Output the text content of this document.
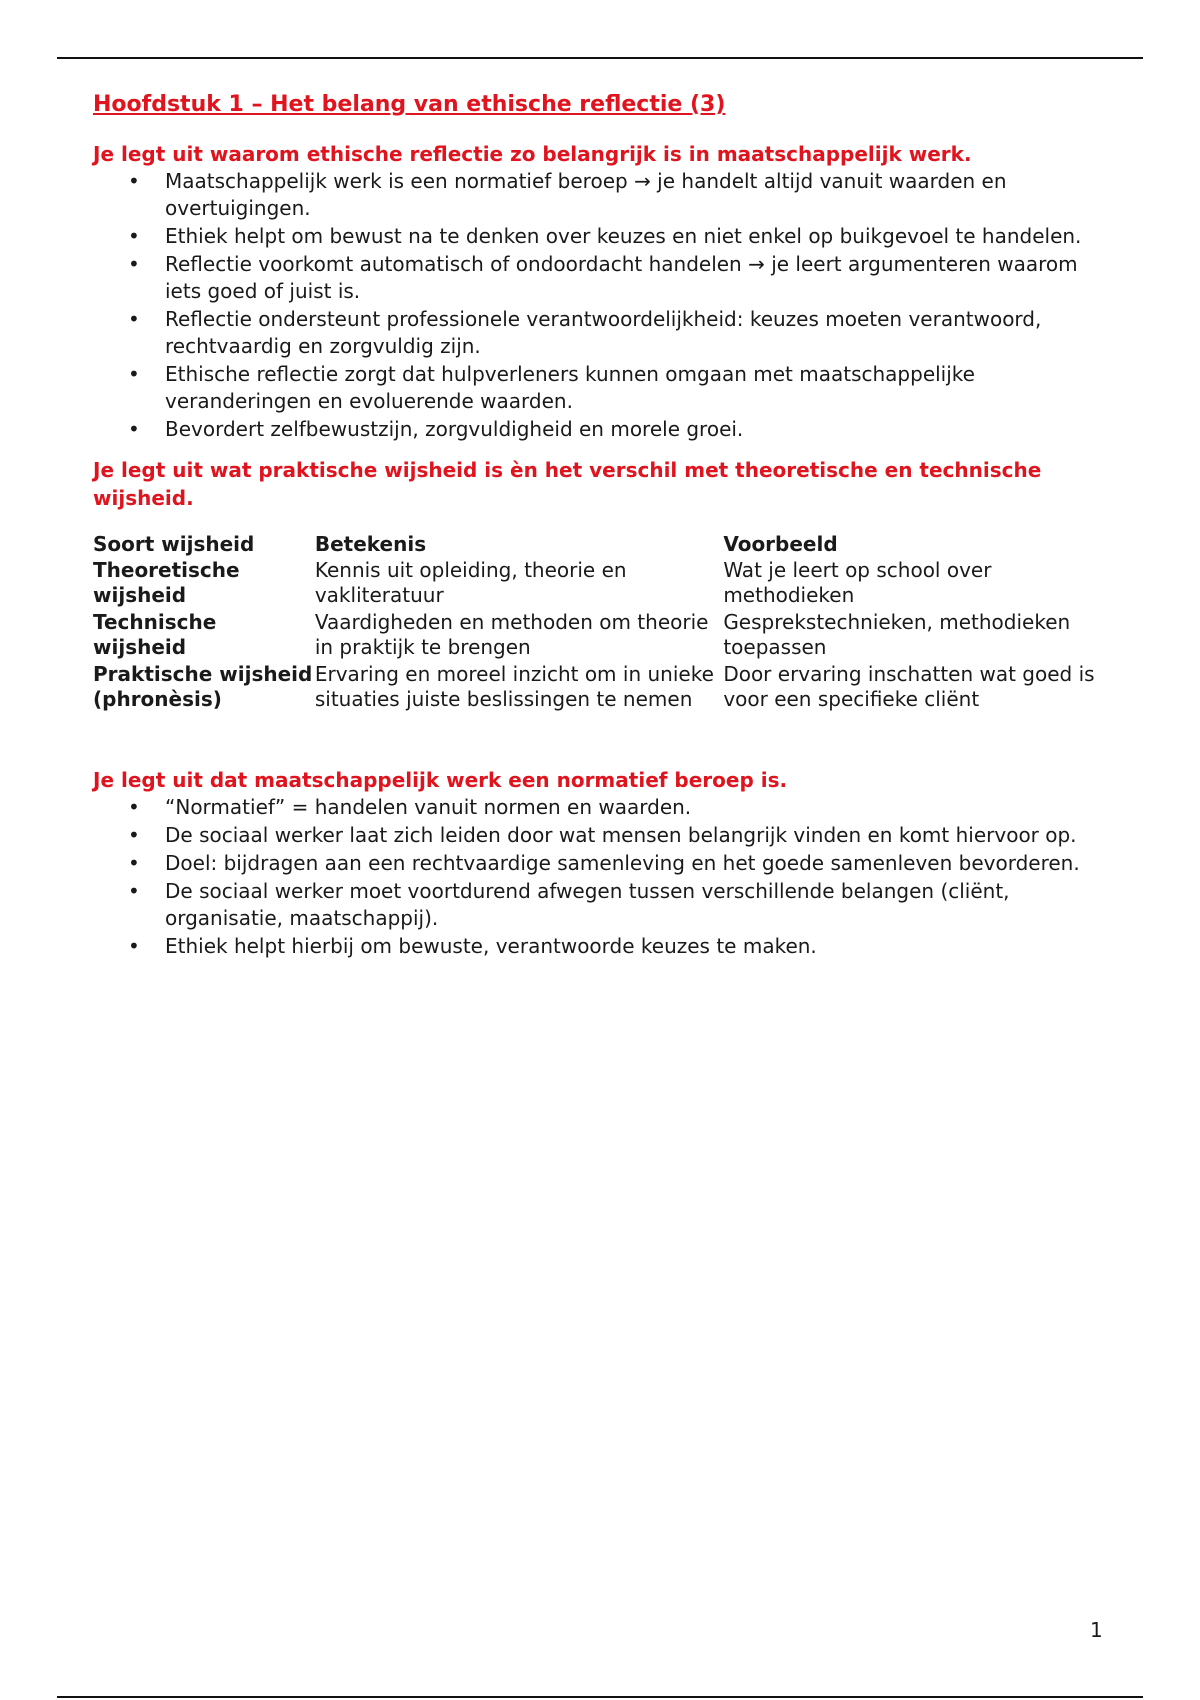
Hoofdstuk 1 – Het belang van ethische reflectie (3)
Je legt uit waarom ethische reflectie zo belangrijk is in maatschappelijk werk.
• Maatschappelijk werk is een normatief beroep → je handelt altijd vanuit waarden en overtuigingen.
• Ethiek helpt om bewust na te denken over keuzes en niet enkel op buikgevoel te handelen.
• Reflectie voorkomt automatisch of ondoordacht handelen → je leert argumenteren waarom iets goed of juist is.
• Reflectie ondersteunt professionele verantwoordelijkheid: keuzes moeten verantwoord, rechtvaardig en zorgvuldig zijn.
• Ethische reflectie zorgt dat hulpverleners kunnen omgaan met maatschappelijke veranderingen en evoluerende waarden.
• Bevordert zelfbewustzijn, zorgvuldigheid en morele groei.
Je legt uit wat praktische wijsheid is èn het verschil met theoretische en technische wijsheid.
Soort wijsheid	Betekenis	Voorbeeld
Theoretische wijsheid	Kennis uit opleiding, theorie en vakliteratuur	Wat je leert op school over methodieken
Technische wijsheid	Vaardigheden en methoden om theorie in praktijk te brengen	Gesprekstechnieken, methodieken toepassen
Praktische wijsheid (phronèsis)	Ervaring en moreel inzicht om in unieke situaties juiste beslissingen te nemen	Door ervaring inschatten wat goed is voor een specifieke cliënt
Je legt uit dat maatschappelijk werk een normatief beroep is.
• “Normatief” = handelen vanuit normen en waarden.
• De sociaal werker laat zich leiden door wat mensen belangrijk vinden en komt hiervoor op.
• Doel: bijdragen aan een rechtvaardige samenleving en het goede samenleven bevorderen.
• De sociaal werker moet voortdurend afwegen tussen verschillende belangen (cliënt, organisatie, maatschappij).
• Ethiek helpt hierbij om bewuste, verantwoorde keuzes te maken.
1
